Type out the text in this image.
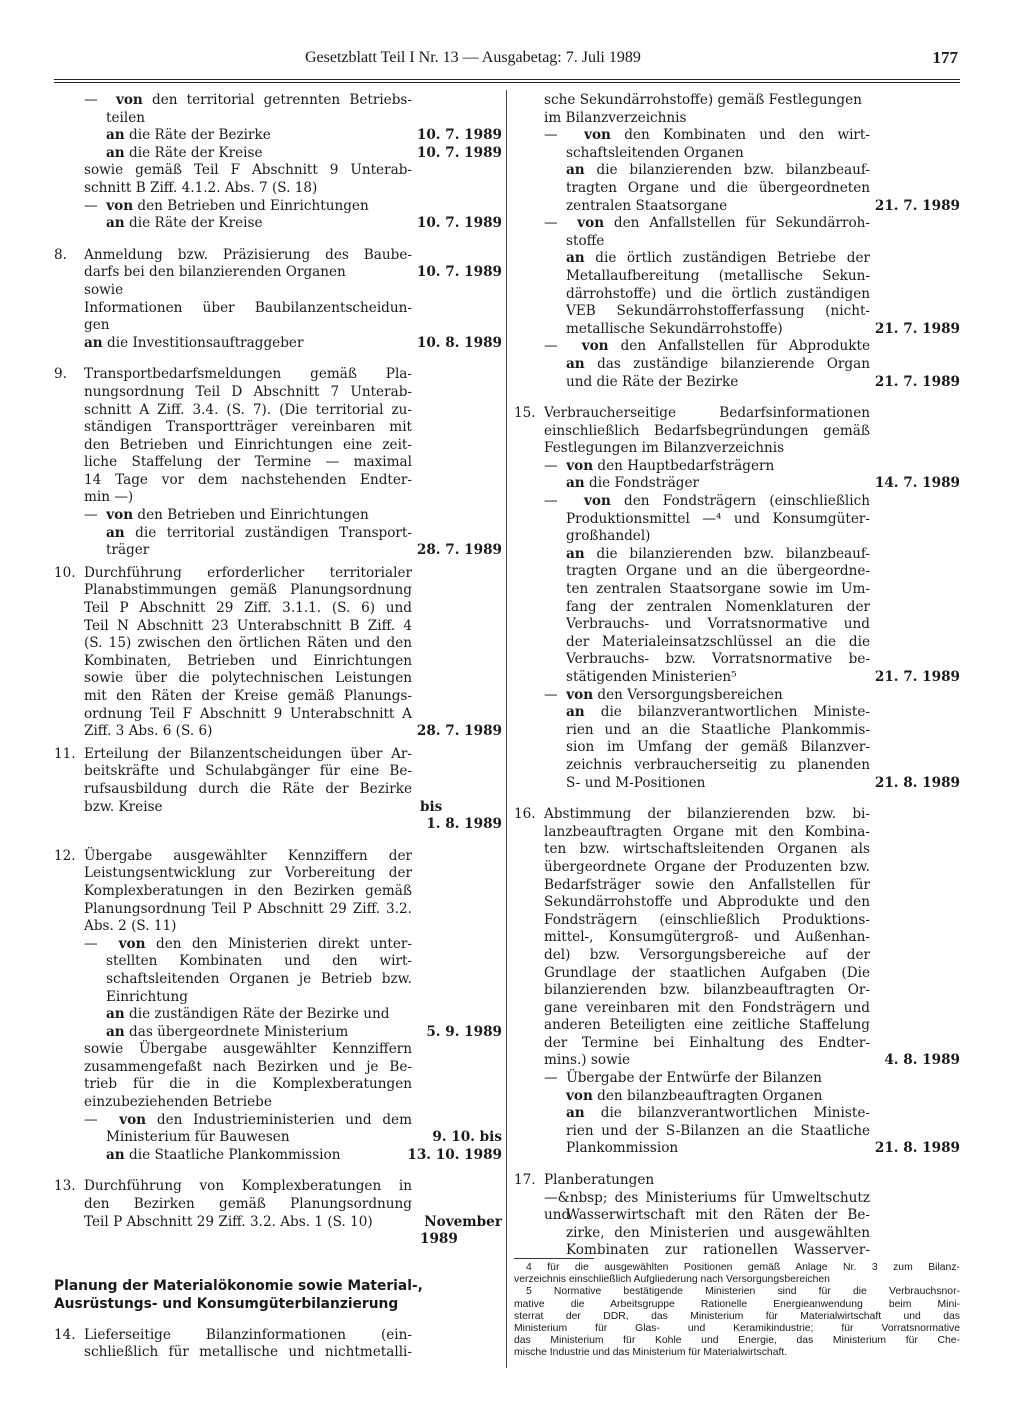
Gesetzblatt Teil I Nr. 13 — Ausgabetag: 7. Juli 1989	177
—  von den territorial getrennten Betriebs-
teilen
an die Räte der Bezirke	10. 7. 1989
an die Räte der Kreise	10. 7. 1989
sowie gemäß Teil F Abschnitt 9 Unterab-
schnitt B Ziff. 4.1.2. Abs. 7 (S. 18)
—  von den Betrieben und Einrichtungen
an die Räte der Kreise	10. 7. 1989
8. Anmeldung bzw. Präzisierung des Baube-
darfs bei den bilanzierenden Organen	10. 7. 1989
sowie
Informationen über Baubilanzentscheidun-
gen
an die Investitionsauftraggeber	10. 8. 1989
9. Transportbedarfsmeldungen gemäß Pla-
nungsordnung Teil D Abschnitt 7 Unterab-
schnitt A Ziff. 3.4. (S. 7). (Die territorial zu-
ständigen Transportträger vereinbaren mit
den Betrieben und Einrichtungen eine zeit-
liche Staffelung der Termine — maximal
14 Tage vor dem nachstehenden Endter-
min —)
—  von den Betrieben und Einrichtungen
an die territorial zuständigen Transport-
träger	28. 7. 1989
10. Durchführung erforderlicher territorialer
Planabstimmungen gemäß Planungsordnung
Teil P Abschnitt 29 Ziff. 3.1.1. (S. 6) und
Teil N Abschnitt 23 Unterabschnitt B Ziff. 4
(S. 15) zwischen den örtlichen Räten und den
Kombinaten, Betrieben und Einrichtungen
sowie über die polytechnischen Leistungen
mit den Räten der Kreise gemäß Planungs-
ordnung Teil F Abschnitt 9 Unterabschnitt A
Ziff. 3 Abs. 6 (S. 6)	28. 7. 1989
11. Erteilung der Bilanzentscheidungen über Ar-
beitskräfte und Schulabgänger für eine Be-
rufsausbildung durch die Räte der Bezirke
bzw. Kreise	bis
1. 8. 1989
12. Übergabe ausgewählter Kennziffern der
Leistungsentwicklung zur Vorbereitung der
Komplexberatungen in den Bezirken gemäß
Planungsordnung Teil P Abschnitt 29 Ziff. 3.2.
Abs. 2 (S. 11)
—  von den den Ministerien direkt unter-
stellten Kombinaten und den wirt-
schaftsleitenden Organen je Betrieb bzw.
Einrichtung
an die zuständigen Räte der Bezirke und
an das übergeordnete Ministerium	5. 9. 1989
sowie Übergabe ausgewählter Kennziffern
zusammengefaßt nach Bezirken und je Be-
trieb für die in die Komplexberatungen
einzubeziehenden Betriebe
—  von den Industrieministerien und dem
Ministerium für Bauwesen	9. 10. bis
an die Staatliche Plankommission	13. 10. 1989
13. Durchführung von Komplexberatungen in
den Bezirken gemäß Planungsordnung
Teil P Abschnitt 29 Ziff. 3.2. Abs. 1 (S. 10)	November
1989
Planung der Materialökonomie sowie Material-,
Ausrüstungs- und Konsumgüterbilanzierung
14. Lieferseitige Bilanzinformationen (ein-
schließlich für metallische und nichtmetalli-
sche Sekundärrohstoffe) gemäß Festlegungen
im Bilanzverzeichnis
—  von den Kombinaten und den wirt-
schaftsleitenden Organen
an die bilanzierenden bzw. bilanzbeauf-
tragten Organe und die übergeordneten
zentralen Staatsorgane	21. 7. 1989
—  von den Anfallstellen für Sekundärroh-
stoffe
an die örtlich zuständigen Betriebe der
Metallaufbereitung (metallische Sekun-
därrohstoffe) und die örtlich zuständigen
VEB Sekundärrohstofferfassung (nicht-
metallische Sekundärrohstoffe)	21. 7. 1989
—  von den Anfallstellen für Abprodukte
an das zuständige bilanzierende Organ
und die Räte der Bezirke	21. 7. 1989
15. Verbraucherseitige Bedarfsinformationen
einschließlich Bedarfsbegründungen gemäß
Festlegungen im Bilanzverzeichnis
—  von den Hauptbedarfsträgern
an die Fondsträger	14. 7. 1989
—  von den Fondsträgern (einschließlich
Produktionsmittel —⁴ und Konsumgüter-
großhandel)
an die bilanzierenden bzw. bilanzbeauf-
tragten Organe und an die übergeordne-
ten zentralen Staatsorgane sowie im Um-
fang der zentralen Nomenklaturen der
Verbrauchs- und Vorratsnormative und
der Materialeinsatzschlüssel an die die
Verbrauchs- bzw. Vorratsnormative be-
stätigenden Ministerien⁵	21. 7. 1989
—  von den Versorgungsbereichen
an die bilanzverantwortlichen Ministe-
rien und an die Staatliche Plankommis-
sion im Umfang der gemäß Bilanzver-
zeichnis verbraucherseitig zu planenden
S- und M-Positionen	21. 8. 1989
16. Abstimmung der bilanzierenden bzw. bi-
lanzbeauftragten Organe mit den Kombina-
ten bzw. wirtschaftsleitenden Organen als
übergeordnete Organe der Produzenten bzw.
Bedarfsträger sowie den Anfallstellen für
Sekundärrohstoffe und Abprodukte und den
Fondsträgern (einschließlich Produktions-
mittel-, Konsumgütergroß- und Außenhan-
del) bzw. Versorgungsbereiche auf der
Grundlage der staatlichen Aufgaben (Die
bilanzierenden bzw. bilanzbeauftragten Or-
gane vereinbaren mit den Fondsträgern und
anderen Beteiligten eine zeitliche Staffelung
der Termine bei Einhaltung des Endter-
mins.) sowie	4. 8. 1989
—  Übergabe der Entwürfe der Bilanzen
von den bilanzbeauftragten Organen
an die bilanzverantwortlichen Ministe-
rien und der S-Bilanzen an die Staatliche
Plankommission	21. 8. 1989
17. Planberatungen
—&nbsp; des Ministeriums für Umweltschutz und
Wasserwirtschaft mit den Räten der Be-
zirke, den Ministerien und ausgewählten
Kombinaten zur rationellen Wasserver-
4 für die ausgewählten Positionen gemäß Anlage Nr. 3 zum Bilanz-
verzeichnis einschließlich Aufgliederung nach Versorgungsbereichen
5 Normative bestätigende Ministerien sind für die Verbrauchsnor-
mative die Arbeitsgruppe Rationelle Energieanwendung beim Mini-
sterrat der DDR, das Ministerium für Materialwirtschaft und das
Ministerium für Glas- und Keramikindustrie; für Vorratsnormative
das Ministerium für Kohle und Energie, das Ministerium für Che-
mische Industrie und das Ministerium für Materialwirtschaft.
